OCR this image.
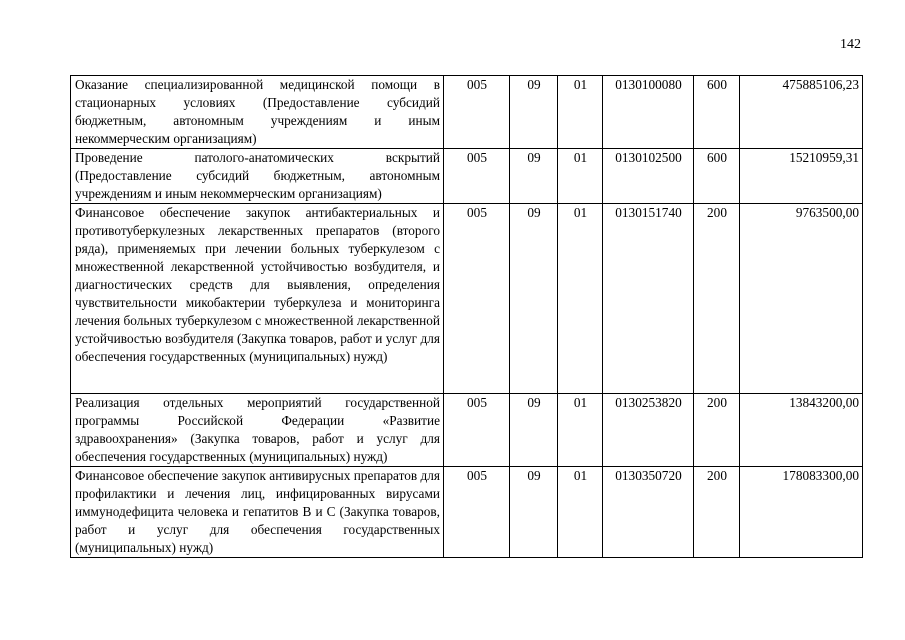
142
Оказание специализированной медицинской помощи в стационарных условиях (Предоставление субсидий бюджетным, автономным учреждениям и иным некоммерческим организациям)	005	09	01	0130100080	600	475885106,23
Проведение патолого-анатомических вскрытий (Предоставление субсидий бюджетным, автономным учреждениям и иным некоммерческим организациям)	005	09	01	0130102500	600	15210959,31
Финансовое обеспечение закупок антибактериальных и противотуберкулезных лекарственных препаратов (второго ряда), применяемых при лечении больных туберкулезом с множественной лекарственной устойчивостью возбудителя, и диагностических средств для выявления, определения чувствительности микобактерии туберкулеза и мониторинга лечения больных туберкулезом с множественной лекарственной устойчивостью возбудителя (Закупка товаров, работ и услуг для обеспечения государственных (муниципальных) нужд)	005	09	01	0130151740	200	9763500,00
Реализация отдельных мероприятий государственной программы Российской Федерации «Развитие здравоохранения» (Закупка товаров, работ и услуг для обеспечения государственных (муниципальных) нужд)	005	09	01	0130253820	200	13843200,00
Финансовое обеспечение закупок антивирусных препаратов для профилактики и лечения лиц, инфицированных вирусами иммунодефицита человека и гепатитов В и С (Закупка товаров, работ и услуг для обеспечения государственных (муниципальных) нужд)	005	09	01	0130350720	200	178083300,00
